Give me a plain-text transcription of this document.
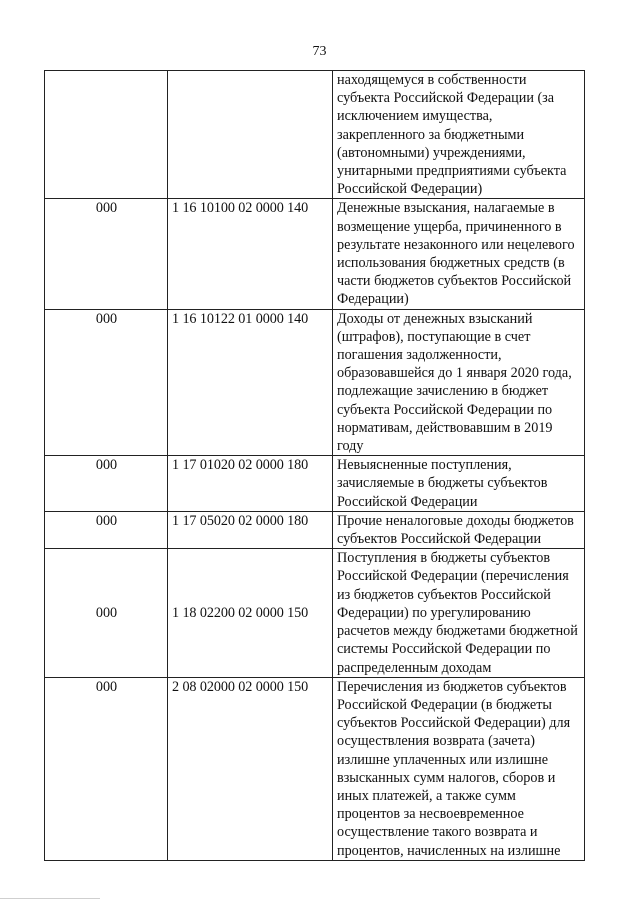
73
		находящемуся в собственности субъекта Российской Федерации (за исключением имущества, закрепленного за бюджетными (автономными) учреждениями, унитарными предприятиями субъекта Российской Федерации)
000	1 16 10100 02 0000 140	Денежные взыскания, налагаемые в возмещение ущерба, причиненного в результате незаконного или нецелевого использования бюджетных средств (в части бюджетов субъектов Российской Федерации)
000	1 16 10122 01 0000 140	Доходы от денежных взысканий (штрафов), поступающие в счет погашения задолженности, образовавшейся до 1 января 2020 года, подлежащие зачислению в бюджет субъекта Российской Федерации по нормативам, действовавшим в 2019 году
000	1 17 01020 02 0000 180	Невыясненные поступления, зачисляемые в бюджеты субъектов Российской Федерации
000	1 17 05020 02 0000 180	Прочие неналоговые доходы бюджетов субъектов Российской Федерации
000	1 18 02200 02 0000 150	Поступления в бюджеты субъектов Российской Федерации (перечисления из бюджетов субъектов Российской Федерации) по урегулированию расчетов между бюджетами бюджетной системы Российской Федерации по распределенным доходам
000	2 08 02000 02 0000 150	Перечисления из бюджетов субъектов Российской Федерации (в бюджеты субъектов Российской Федерации) для осуществления возврата (зачета) излишне уплаченных или излишне взысканных сумм налогов, сборов и иных платежей, а также сумм процентов за несвоевременное осуществление такого возврата и процентов, начисленных на излишне
